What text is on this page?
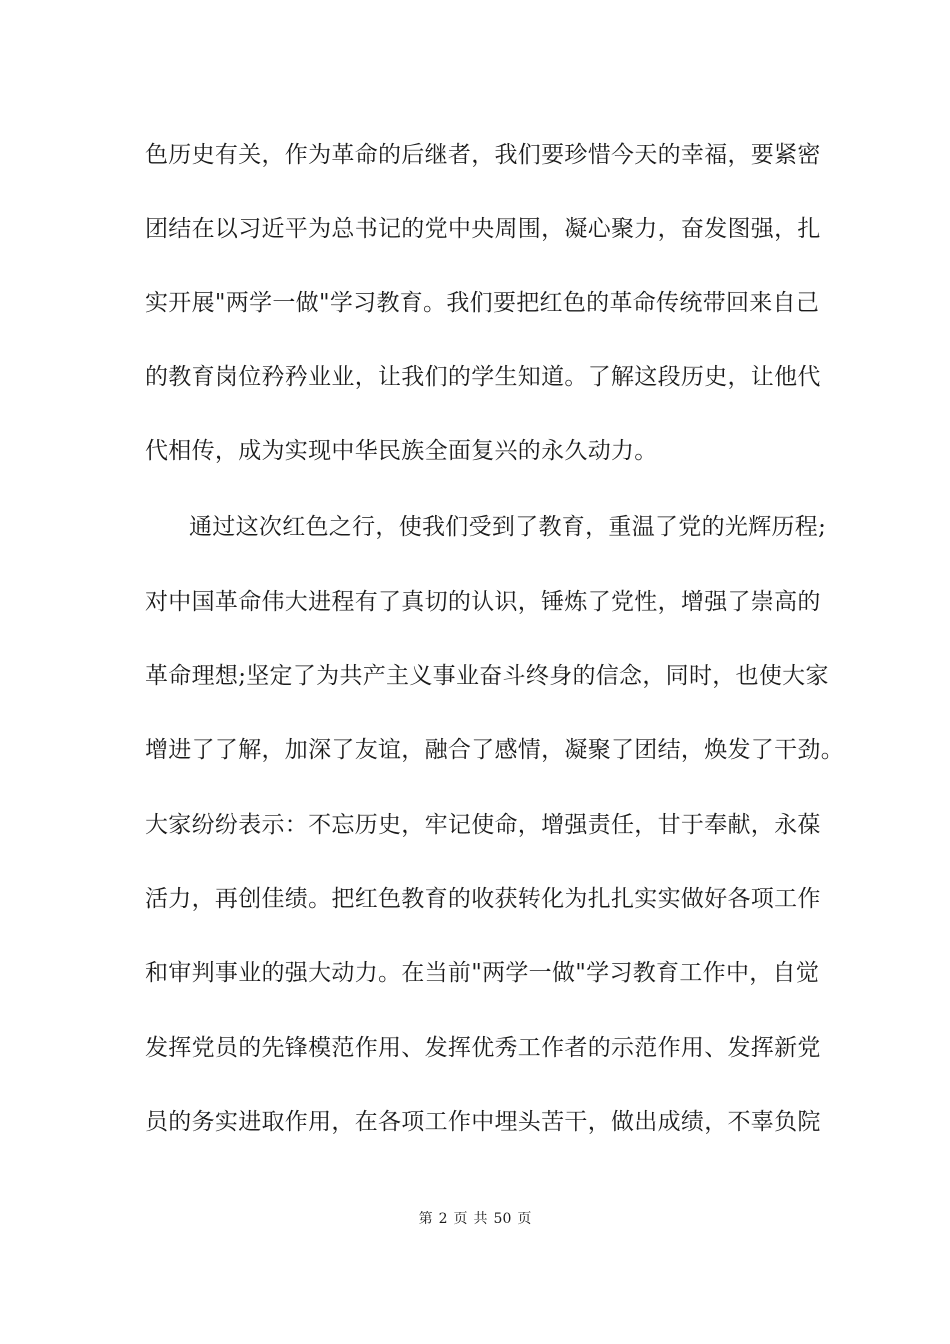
色历史有关，作为革命的后继者，我们要珍惜今天的幸福，要紧密
团结在以习近平为总书记的党中央周围，凝心聚力，奋发图强，扎
实开展"两学一做"学习教育。我们要把红色的革命传统带回来自己
的教育岗位矜矜业业，让我们的学生知道。了解这段历史，让他代
代相传，成为实现中华民族全面复兴的永久动力。
通过这次红色之行，使我们受到了教育，重温了党的光辉历程;
对中国革命伟大进程有了真切的认识，锤炼了党性，增强了崇高的
革命理想;坚定了为共产主义事业奋斗终身的信念，同时，也使大家
增进了了解，加深了友谊，融合了感情，凝聚了团结，焕发了干劲。
大家纷纷表示：不忘历史，牢记使命，增强责任，甘于奉献，永葆
活力，再创佳绩。把红色教育的收获转化为扎扎实实做好各项工作
和审判事业的强大动力。在当前"两学一做"学习教育工作中，自觉
发挥党员的先锋模范作用、发挥优秀工作者的示范作用、发挥新党
员的务实进取作用，在各项工作中埋头苦干，做出成绩，不辜负院
第 2 页 共 50 页
